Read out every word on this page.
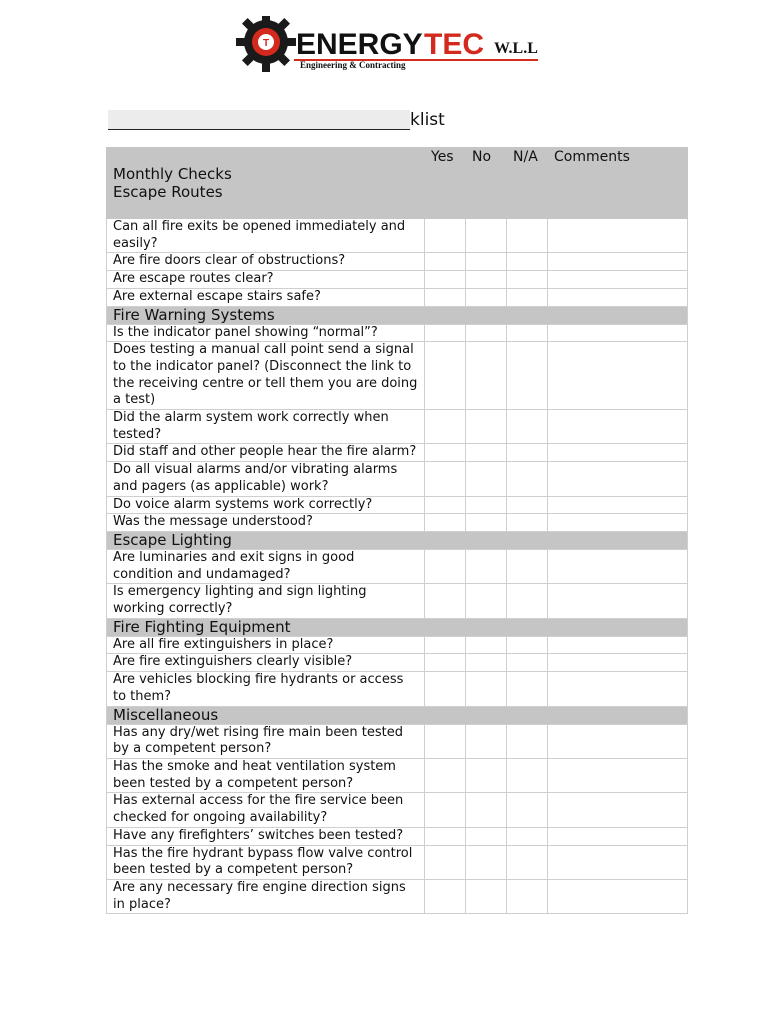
T ENERGY TEC W.L.L
Engineering & Contracting
klist
Monthly Checks
Escape Routes	Yes	No	N/A	Comments
Can all fire exits be opened immediately and easily?				
Are fire doors clear of obstructions?				
Are escape routes clear?				
Are external escape stairs safe?				
Fire Warning Systems				
Is the indicator panel showing “normal”?				
Does testing a manual call point send a signal to the indicator panel? (Disconnect the link to the receiving centre or tell them you are doing a test)				
Did the alarm system work correctly when tested?				
Did staff and other people hear the fire alarm?				
Do all visual alarms and/or vibrating alarms and pagers (as applicable) work?				
Do voice alarm systems work correctly?				
Was the message understood?				
Escape Lighting				
Are luminaries and exit signs in good condition and undamaged?				
Is emergency lighting and sign lighting working correctly?				
Fire Fighting Equipment				
Are all fire extinguishers in place?				
Are fire extinguishers clearly visible?				
Are vehicles blocking fire hydrants or access to them?				
Miscellaneous				
Has any dry/wet rising fire main been tested by a competent person?				
Has the smoke and heat ventilation system been tested by a competent person?				
Has external access for the fire service been checked for ongoing availability?				
Have any firefighters’ switches been tested?				
Has the fire hydrant bypass flow valve control been tested by a competent person?				
Are any necessary fire engine direction signs in place?				
